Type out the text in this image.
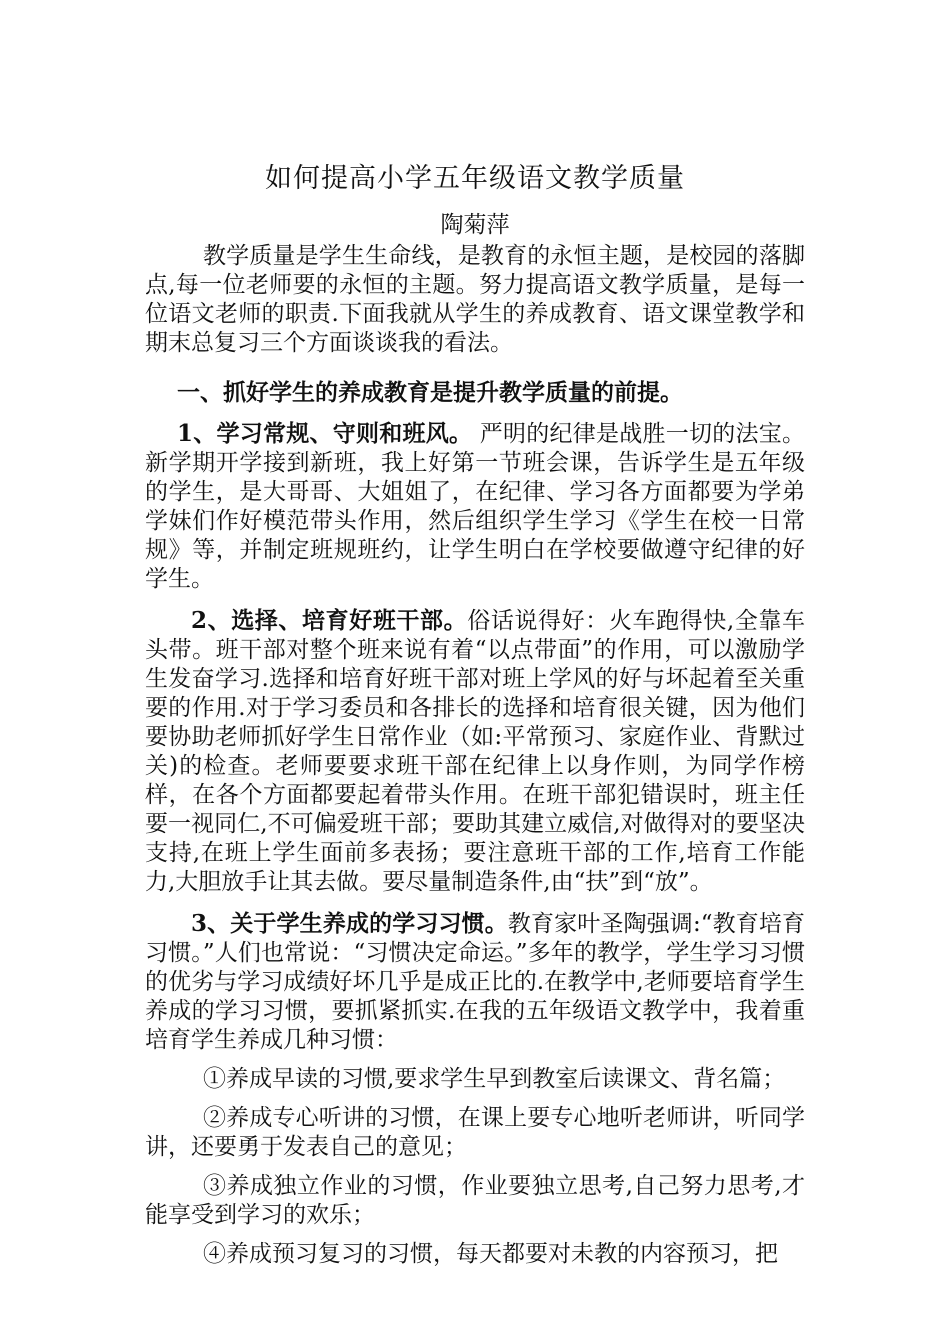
如何提高小学五年级语文教学质量
陶菊萍

教学质量是学生生命线，是教育的永恒主题，是校园的落脚点,每一位老师要的永恒的主题。努力提高语文教学质量，是每一位语文老师的职责.下面我就从学生的养成教育、语文课堂教学和期末总复习三个方面谈谈我的看法。

一、抓好学生的养成教育是提升教学质量的前提。

1、学习常规、守则和班风。 严明的纪律是战胜一切的法宝。新学期开学接到新班，我上好第一节班会课，告诉学生是五年级的学生，是大哥哥、大姐姐了，在纪律、学习各方面都要为学弟学妹们作好模范带头作用，然后组织学生学习《学生在校一日常规》等，并制定班规班约，让学生明白在学校要做遵守纪律的好学生。

2、选择、培育好班干部。俗话说得好：火车跑得快,全靠车头带。班干部对整个班来说有着“以点带面”的作用，可以激励学生发奋学习.选择和培育好班干部对班上学风的好与坏起着至关重要的作用.对于学习委员和各排长的选择和培育很关键，因为他们要协助老师抓好学生日常作业（如:平常预习、家庭作业、背默过关)的检查。老师要要求班干部在纪律上以身作则，为同学作榜样，在各个方面都要起着带头作用。在班干部犯错误时，班主任要一视同仁,不可偏爱班干部；要助其建立威信,对做得对的要坚决支持,在班上学生面前多表扬；要注意班干部的工作,培育工作能力,大胆放手让其去做。要尽量制造条件,由“扶”到“放”。

3、关于学生养成的学习习惯。教育家叶圣陶强调:“教育培育习惯。”人们也常说：“习惯决定命运。”多年的教学，学生学习习惯的优劣与学习成绩好坏几乎是成正比的.在教学中,老师要培育学生养成的学习习惯，要抓紧抓实.在我的五年级语文教学中，我着重培育学生养成几种习惯：

①养成早读的习惯,要求学生早到教室后读课文、背名篇；

②养成专心听讲的习惯，在课上要专心地听老师讲，听同学讲，还要勇于发表自己的意见；

③养成独立作业的习惯，作业要独立思考,自己努力思考,才能享受到学习的欢乐；

④养成预习复习的习惯，每天都要对未教的内容预习，把
